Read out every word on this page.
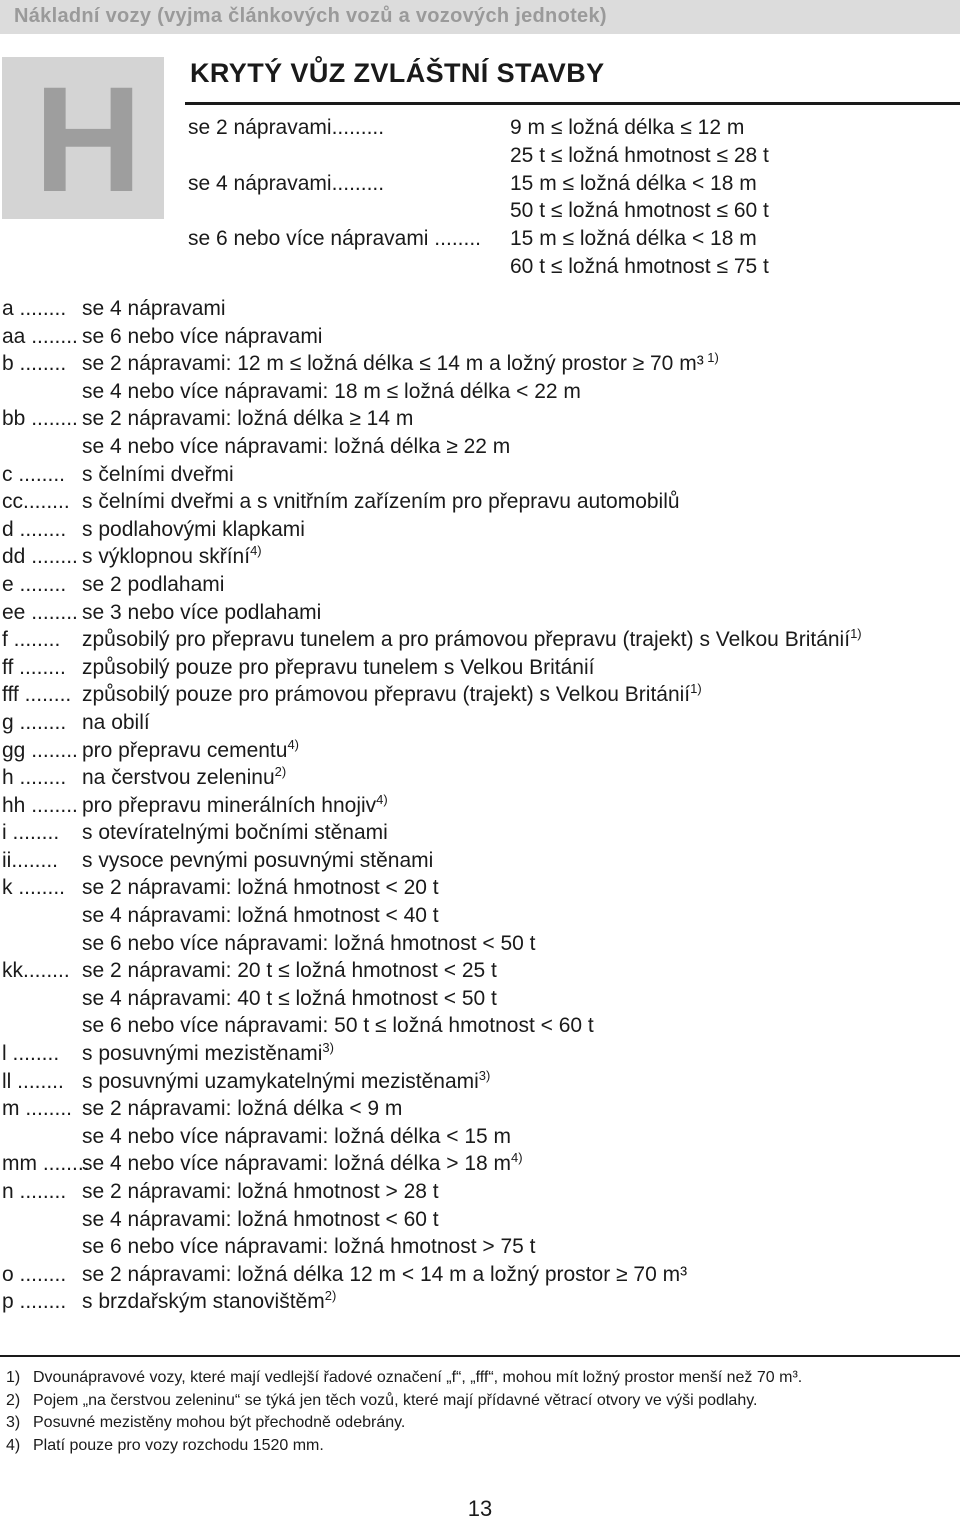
Nákladní vozy (vyjma článkových vozů a vozových jednotek)
H KRYTÝ VŮZ ZVLÁŠTNÍ STAVBY
se 2 nápravami.........	9 m ≤ ložná délka ≤ 12 m
25 t ≤ ložná hmotnost ≤ 28 t
se 4 nápravami.........	15 m ≤ ložná délka < 18 m
50 t ≤ ložná hmotnost ≤ 60 t
se 6 nebo více nápravami ........ 15 m ≤ ložná délka < 18 m
60 t ≤ ložná hmotnost ≤ 75 t
a ........ se 4 nápravami
aa ........ se 6 nebo více nápravami
b ........ se 2 nápravami: 12 m ≤ ložná délka ≤ 14 m a ložný prostor ≥ 70 m³ $^{1)}$
se 4 nebo více nápravami: 18 m ≤ ložná délka < 22 m
bb ........ se 2 nápravami: ložná délka ≥ 14 m
se 4 nebo více nápravami: ložná délka ≥ 22 m
c ........ s čelními dveřmi
cc........ s čelními dveřmi a s vnitřním zařízením pro přepravu automobilů
d ........ s podlahovými klapkami
dd ........ s výklopnou skříní$^{4)}$
e ........ se 2 podlahami
ee ........ se 3 nebo více podlahami
f ........ způsobilý pro přepravu tunelem a pro prámovou přepravu (trajekt) s Velkou Británií$^{1)}$
ff ........ způsobilý pouze pro přepravu tunelem s Velkou Británií
fff ........ způsobilý pouze pro prámovou přepravu (trajekt) s Velkou Británií$^{1)}$
g ........ na obilí
gg ........ pro přepravu cementu$^{4)}$
h ........ na čerstvou zeleninu$^{2)}$
hh ........ pro přepravu minerálních hnojiv$^{4)}$
i ........ s otevíratelnými bočními stěnami
ii........ s vysoce pevnými posuvnými stěnami
k ........ se 2 nápravami: ložná hmotnost < 20 t
se 4 nápravami: ložná hmotnost < 40 t
se 6 nebo více nápravami: ložná hmotnost < 50 t
kk........ se 2 nápravami: 20 t ≤ ložná hmotnost < 25 t
se 4 nápravami: 40 t ≤ ložná hmotnost < 50 t
se 6 nebo více nápravami: 50 t ≤ ložná hmotnost < 60 t
l ........ s posuvnými mezistěnami$^{3)}$
ll ........ s posuvnými uzamykatelnými mezistěnami$^{3)}$
m ........ se 2 nápravami: ložná délka < 9 m
se 4 nebo více nápravami: ložná délka < 15 m
mm ........
se 4 nebo více nápravami: ložná délka > 18 $m^{4)}$
n ........ se 2 nápravami: ložná hmotnost > 28 t
se 4 nápravami: ložná hmotnost < 60 t
se 6 nebo více nápravami: ložná hmotnost > 75 t
o ........ se 2 nápravami: ložná délka 12 m < 14 m a ložný prostor ≥ 70 m³
p ........ s brzdařským stanovištěm$^{2)}$
1) Dvounápravové vozy, které mají vedlejší řadové označení „f“, „fff“, mohou mít ložný prostor menší než 70 m³.
2) Pojem „na čerstvou zeleninu“ se týká jen těch vozů, které mají přídavné větrací otvory ve výši podlahy.
3) Posuvné mezistěny mohou být přechodně odebrány.
4) Platí pouze pro vozy rozchodu 1520 mm.
13
